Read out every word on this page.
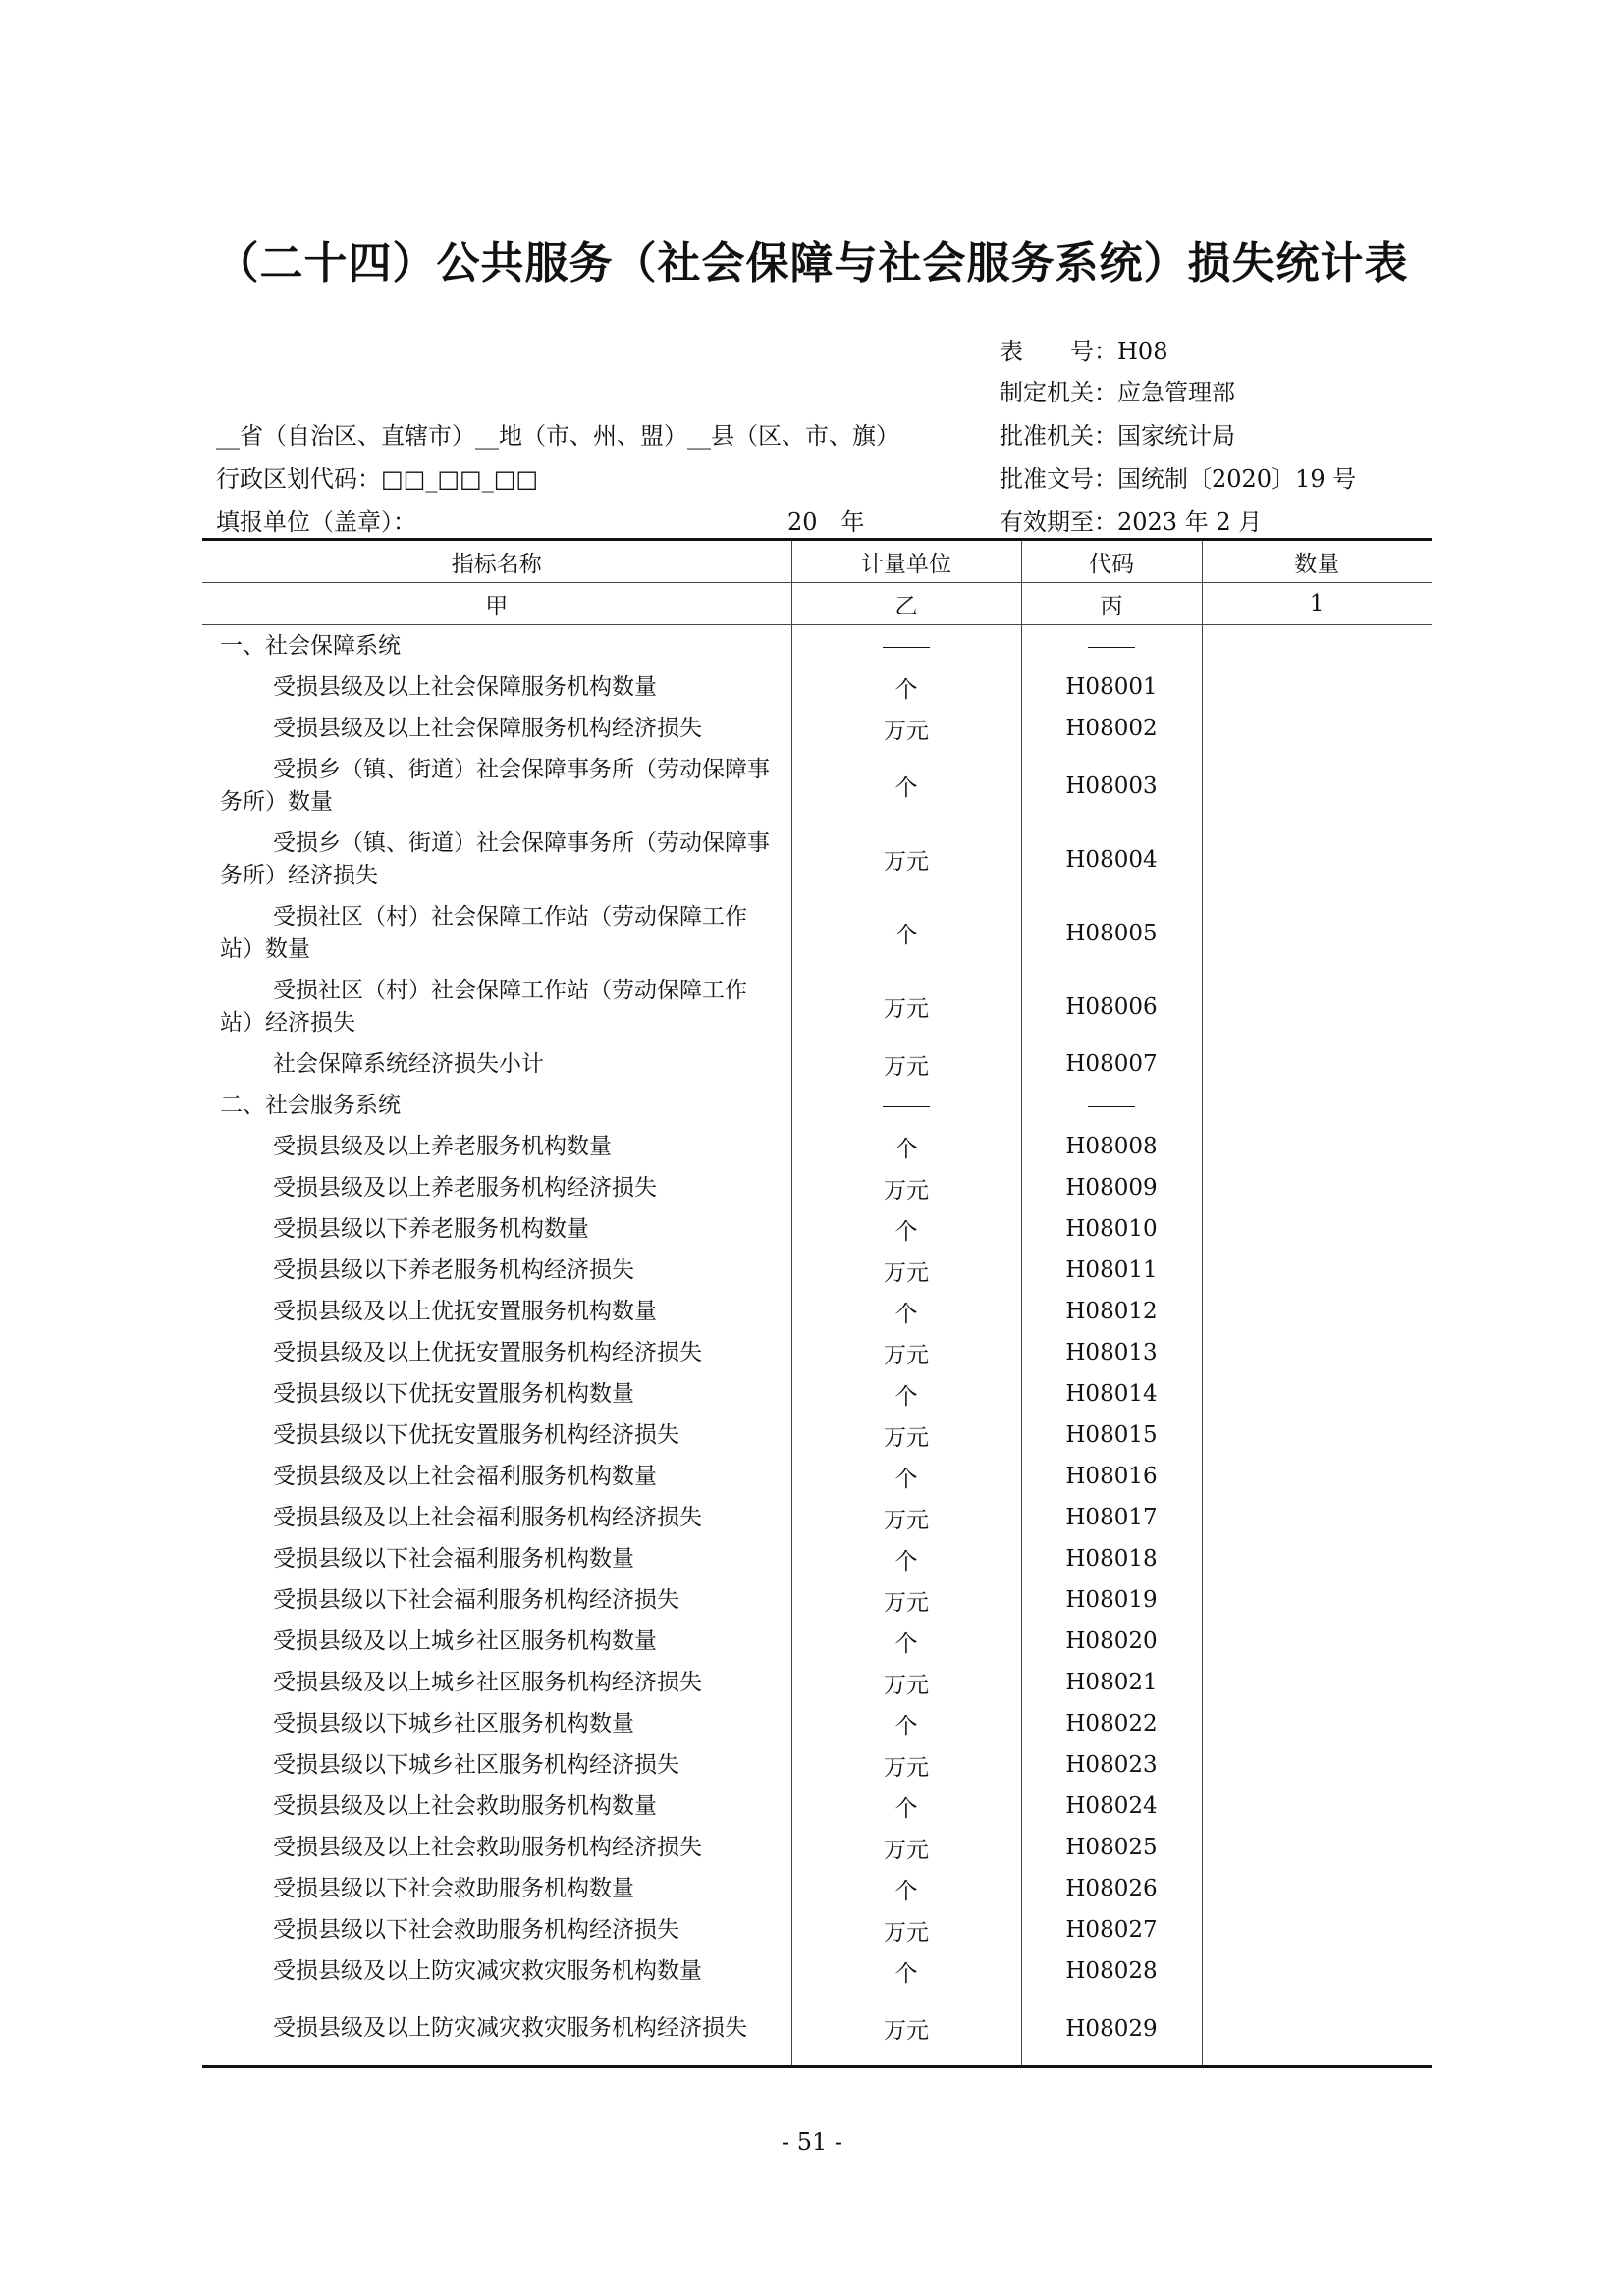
（二十四）公共服务（社会保障与社会服务系统）损失统计表
表　　号：H08
制定机关：应急管理部
批准机关：国家统计局
批准文号：国统制〔2020〕19 号
有效期至：2023 年 2 月
__省（自治区、直辖市）__地（市、州、盟）__县（区、市、旗）
行政区划代码：□□_□□_□□
填报单位（盖章）：	20　年
指标名称	计量单位	代码	数量
甲	乙	丙	1
一、社会保障系统			
受损县级及以上社会保障服务机构数量	个	H08001	
受损县级及以上社会保障服务机构经济损失	万元	H08002	
受损乡（镇、街道）社会保障事务所（劳动保障事务所）数量	个	H08003	
受损乡（镇、街道）社会保障事务所（劳动保障事务所）经济损失	万元	H08004	
受损社区（村）社会保障工作站（劳动保障工作站）数量	个	H08005	
受损社区（村）社会保障工作站（劳动保障工作站）经济损失	万元	H08006	
社会保障系统经济损失小计	万元	H08007	
二、社会服务系统			
受损县级及以上养老服务机构数量	个	H08008	
受损县级及以上养老服务机构经济损失	万元	H08009	
受损县级以下养老服务机构数量	个	H08010	
受损县级以下养老服务机构经济损失	万元	H08011	
受损县级及以上优抚安置服务机构数量	个	H08012	
受损县级及以上优抚安置服务机构经济损失	万元	H08013	
受损县级以下优抚安置服务机构数量	个	H08014	
受损县级以下优抚安置服务机构经济损失	万元	H08015	
受损县级及以上社会福利服务机构数量	个	H08016	
受损县级及以上社会福利服务机构经济损失	万元	H08017	
受损县级以下社会福利服务机构数量	个	H08018	
受损县级以下社会福利服务机构经济损失	万元	H08019	
受损县级及以上城乡社区服务机构数量	个	H08020	
受损县级及以上城乡社区服务机构经济损失	万元	H08021	
受损县级以下城乡社区服务机构数量	个	H08022	
受损县级以下城乡社区服务机构经济损失	万元	H08023	
受损县级及以上社会救助服务机构数量	个	H08024	
受损县级及以上社会救助服务机构经济损失	万元	H08025	
受损县级以下社会救助服务机构数量	个	H08026	
受损县级以下社会救助服务机构经济损失	万元	H08027	
受损县级及以上防灾减灾救灾服务机构数量	个	H08028	
受损县级及以上防灾减灾救灾服务机构经济损失	万元	H08029	
- 51 -
